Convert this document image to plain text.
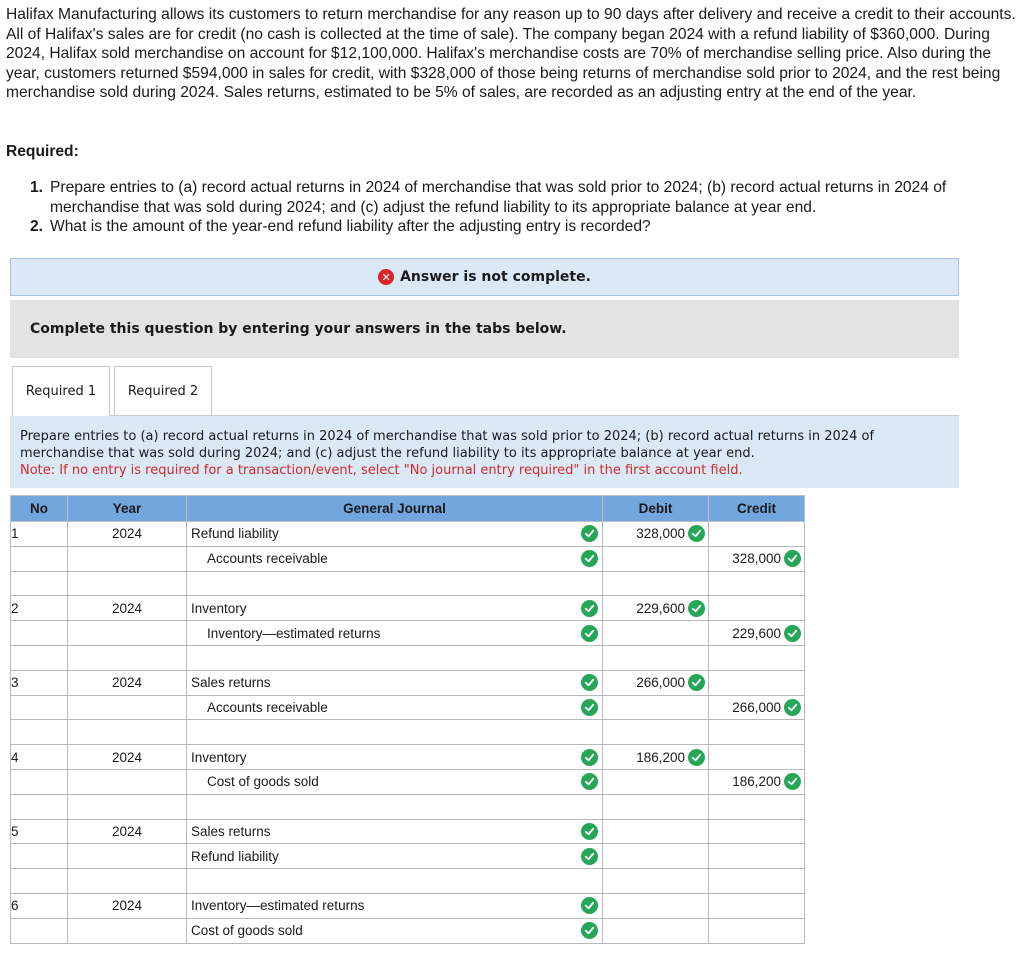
Halifax Manufacturing allows its customers to return merchandise for any reason up to 90 days after delivery and receive a credit to their accounts. All of Halifax's sales are for credit (no cash is collected at the time of sale). The company began 2024 with a refund liability of $360,000. During 2024, Halifax sold merchandise on account for $12,100,000. Halifax's merchandise costs are 70% of merchandise selling price. Also during the year, customers returned $594,000 in sales for credit, with $328,000 of those being returns of merchandise sold prior to 2024, and the rest being merchandise sold during 2024. Sales returns, estimated to be 5% of sales, are recorded as an adjusting entry at the end of the year.

Required:
1. Prepare entries to (a) record actual returns in 2024 of merchandise that was sold prior to 2024; (b) record actual returns in 2024 of merchandise that was sold during 2024; and (c) adjust the refund liability to its appropriate balance at year end.
2. What is the amount of the year-end refund liability after the adjusting entry is recorded?
✕ Answer is not complete.
Complete this question by entering your answers in the tabs below.
Required 1 Required 2
Prepare entries to (a) record actual returns in 2024 of merchandise that was sold prior to 2024; (b) record actual returns in 2024 of merchandise that was sold during 2024; and (c) adjust the refund liability to its appropriate balance at year end.
Note: If no entry is required for a transaction/event, select "No journal entry required" in the first account field.
No	Year	General Journal	Debit	Credit
1	2024	Refund liability	328,000	

		Accounts receivable		328,000

2	2024	Inventory	229,600	

		Inventory—estimated returns		229,600

3	2024	Sales returns	266,000	

		Accounts receivable		266,000

4	2024	Inventory	186,200	

		Cost of goods sold		186,200

5	2024	Sales returns		

		Refund liability		

6	2024	Inventory—estimated returns		

		Cost of goods sold		
